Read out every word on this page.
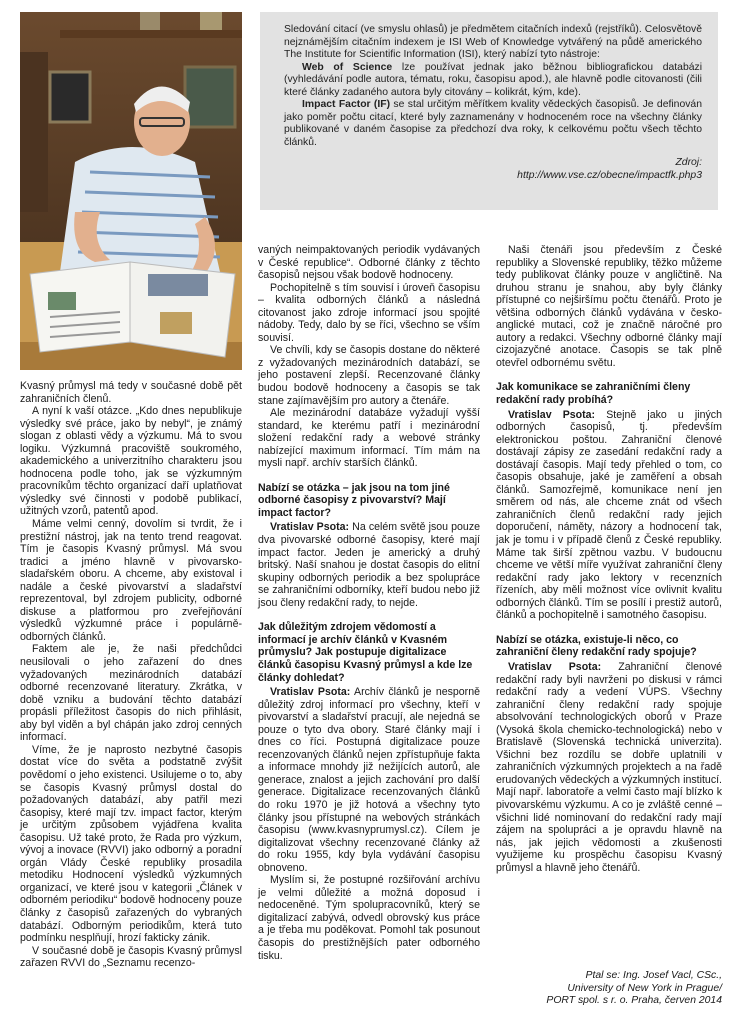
Sledování citací (ve smyslu ohlasů) je předmětem citačních indexů (rejstříků). Celosvětově nejznámějším citačním indexem je ISI Web of Knowledge vytvářený na půdě amerického The Institute for Scientific Information (ISI), který nabízí tyto nástroje:

Web of Science lze používat jednak jako běžnou bibliografickou databázi (vyhledávání podle autora, tématu, roku, časopisu apod.), ale hlavně podle citovanosti (čili které články zadaného autora byly citovány – kolikrát, kým, kde).

Impact Factor (IF) se stal určitým měřítkem kvality vědeckých časopisů. Je definován jako poměr počtu citací, které byly zaznamenány v hodnoceném roce na všechny články publikované v daném časopise za předchozí dva roky, k celkovému počtu všech těchto článků.

Zdroj:

http://www.vse.cz/obecne/impactfk.php3

Kvasný průmysl má tedy v současné době pět zahraničních členů.

A nyní k vaší otázce. „Kdo dnes nepublikuje výsledky své práce, jako by nebyl“, je známý slogan z oblasti vědy a výzkumu. Má to svou logiku. Výzkumná pracoviště soukromého, akademického a univerzitního charakteru jsou hodnocena podle toho, jak se výzkumným pracovníkům těchto organizací daří uplatňovat výsledky své činnosti v podobě publikací, užitných vzorů, patentů apod.

Máme velmi cenný, dovolím si tvrdit, že i prestižní nástroj, jak na tento trend reagovat. Tím je časopis Kvasný průmysl. Má svou tradici a jméno hlavně v pivovarsko-sladařském oboru. A chceme, aby existoval i nadále a české pivovarství a sladařství reprezentoval, byl zdrojem publicity, odborné diskuse a platformou pro zveřejňování výsledků výzkumné práce i populárně-odborných článků.

Faktem ale je, že naši předchůdci neusilovali o jeho zařazení do dnes vyžadovaných mezinárodních databází odborné recenzované literatury. Zkrátka, v době vzniku a budování těchto databází propásli příležitost časopis do nich přihlásit, aby byl viděn a byl chápán jako zdroj cenných informací.

Víme, že je naprosto nezbytné časopis dostat více do světa a podstatně zvýšit povědomí o jeho existenci. Usilujeme o to, aby se časopis Kvasný průmysl dostal do požadovaných databází, aby patřil mezi časopisy, které mají tzv. impact factor, kterým je určitým způsobem vyjádřena kvalita časopisu. Už také proto, že Rada pro výzkum, vývoj a inovace (RVVI) jako odborný a poradní orgán Vlády České republiky prosadila metodiku Hodnocení výsledků výzkumných organizací, ve které jsou v kategorii „Článek v odborném periodiku“ bodově hodnoceny pouze články z časopisů zařazených do vybraných databází. Odborným periodikům, která tuto podmínku nesplňují, hrozí fakticky zánik.

V současné době je časopis Kvasný průmysl zařazen RVVI do „Seznamu recenzo-

vaných neimpaktovaných periodik vydávaných v České republice“. Odborné články z těchto časopisů nejsou však bodově hodnoceny.

Pochopitelně s tím souvisí i úroveň časopisu – kvalita odborných článků a následná citovanost jako zdroje informací jsou spojité nádoby. Tedy, dalo by se říci, všechno se vším souvisí.

Ve chvíli, kdy se časopis dostane do některé z vyžadovaných mezinárodních databází, se jeho postavení zlepší. Recenzované články budou bodově hodnoceny a časopis se tak stane zajímavějším pro autory a čtenáře.

Ale mezinárodní databáze vyžadují vyšší standard, ke kterému patří i mezinárodní složení redakční rady a webové stránky nabízející maximum informací. Tím mám na mysli např. archív starších článků.

Nabízí se otázka – jak jsou na tom jiné odborné časopisy z pivovarství? Mají impact factor?

Vratislav Psota: Na celém světě jsou pouze dva pivovarské odborné časopisy, které mají impact factor. Jeden je americký a druhý britský. Naší snahou je dostat časopis do elitní skupiny odborných periodik a bez spolupráce se zahraničními odborníky, kteří budou nebo již jsou členy redakční rady, to nejde.

Jak důležitým zdrojem vědomostí a informací je archív článků v Kvasném průmyslu? Jak postupuje digitalizace článků časopisu Kvasný průmysl a kde lze články dohledat?

Vratislav Psota: Archív článků je nesporně důležitý zdroj informací pro všechny, kteří v pivovarství a sladařství pracují, ale nejedná se pouze o tyto dva obory. Staré články mají i dnes co říci. Postupná digitalizace pouze recenzovaných článků nejen zpřístupňuje fakta a informace mnohdy již nežijících autorů, ale generace, znalost a jejich zachování pro další generace. Digitalizace recenzovaných článků do roku 1970 je již hotová a všechny tyto články jsou přístupné na webových stránkách časopisu (www.kvasnyprumysl.cz). Cílem je digitalizovat všechny recenzované články až do roku 1955, kdy byla vydávání časopisu obnoveno.

Myslím si, že postupné rozšiřování archívu je velmi důležité a možná doposud i nedoceněné. Tým spolupracovníků, který se digitalizací zabývá, odvedl obrovský kus práce a je třeba mu poděkovat. Pomohl tak posunout časopis do prestižnějších pater odborného tisku.

Naši čtenáři jsou především z České republiky a Slovenské republiky, těžko můžeme tedy publikovat články pouze v angličtině. Na druhou stranu je snahou, aby byly články přístupné co nejširšímu počtu čtenářů. Proto je většina odborných článků vydávána v česko-anglické mutaci, což je značně náročné pro autory a redakci. Všechny odborné články mají cizojazyčné anotace. Časopis se tak plně otevřel odbornému světu.

Jak komunikace se zahraničními členy redakční rady probíhá?

Vratislav Psota: Stejně jako u jiných odborných časopisů, tj. především elektronickou poštou. Zahraniční členové dostávají zápisy ze zasedání redakční rady a dostávají časopis. Mají tedy přehled o tom, co časopis obsahuje, jaké je zaměření a obsah článků. Samozřejmě, komunikace není jen směrem od nás, ale chceme znát od všech zahraničních členů redakční rady jejich doporučení, náměty, názory a hodnocení tak, jak je tomu i v případě členů z České republiky. Máme tak širší zpětnou vazbu. V budoucnu chceme ve větší míře využívat zahraniční členy redakční rady jako lektory v recenzních řízeních, aby měli možnost více ovlivnit kvalitu odborných článků. Tím se posílí i prestiž autorů, článků a pochopitelně i samotného časopisu.

Nabízí se otázka, existuje-li něco, co zahraniční členy redakční rady spojuje?

Vratislav Psota: Zahraniční členové redakční rady byli navrženi po diskusi v rámci redakční rady a vedení VÚPS. Všechny zahraniční členy redakční rady spojuje absolvování technologických oborů v Praze (Vysoká škola chemicko-technologická) nebo v Bratislavě (Slovenská technická univerzita). Všichni bez rozdílu se dobře uplatnili v zahraničních výzkumných projektech a na řadě erudovaných vědeckých a výzkumných institucí. Mají např. laboratoře a velmi často mají blízko k pivovarskému výzkumu. A co je zvláště cenné – všichni lidé nominovaní do redakční rady mají zájem na spolupráci a je opravdu hlavně na nás, jak jejich vědomosti a zkušenosti využijeme ku prospěchu časopisu Kvasný průmysl a hlavně jeho čtenářů.

Ptal se: Ing. Josef Vacl, CSc.,
University of New York in Prague/
PORT spol. s r. o. Praha, červen 2014
